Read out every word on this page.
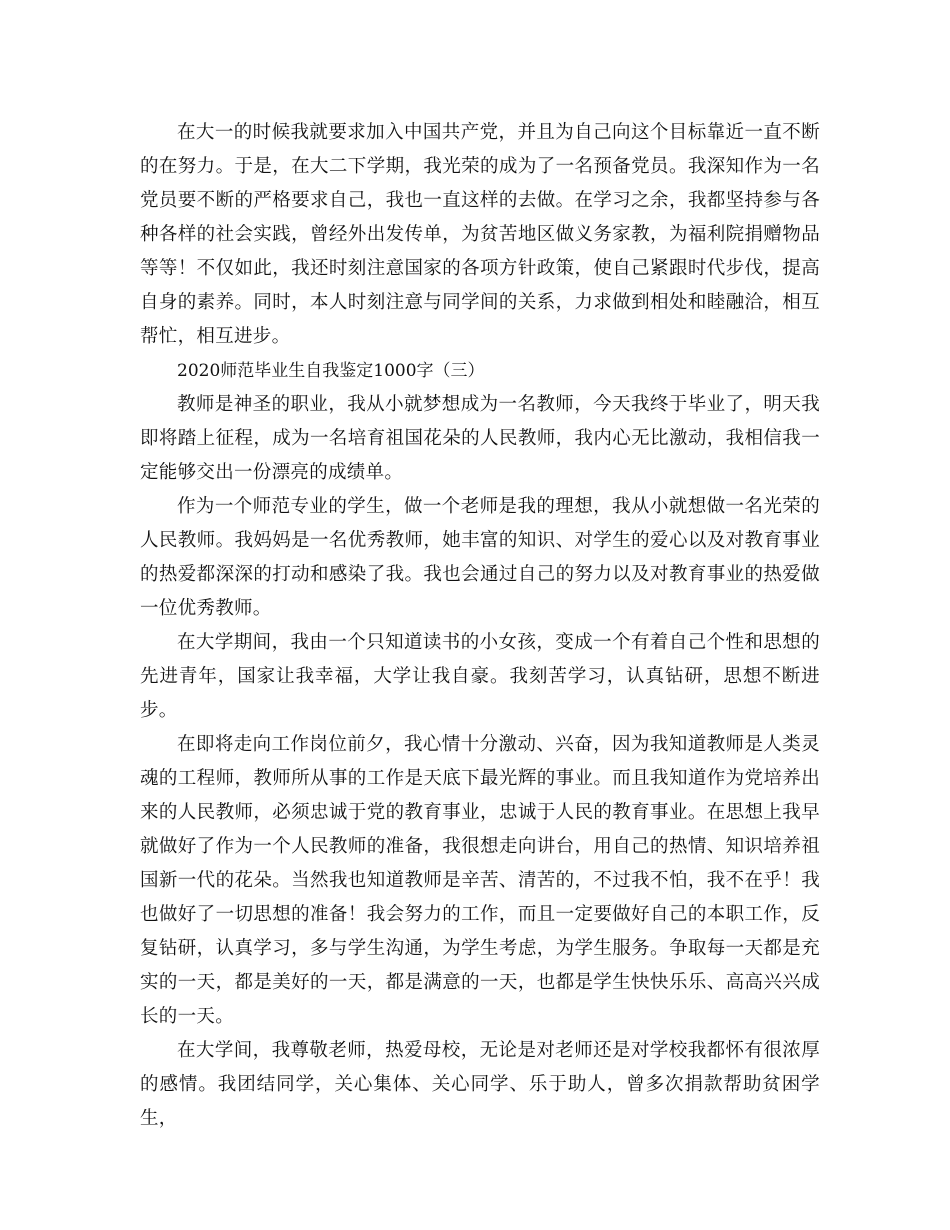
在大一的时候我就要求加入中国共产党，并且为自己向这个目标靠近一直不断的在努力。于是，在大二下学期，我光荣的成为了一名预备党员。我深知作为一名党员要不断的严格要求自己，我也一直这样的去做。在学习之余，我都坚持参与各种各样的社会实践，曾经外出发传单，为贫苦地区做义务家教，为福利院捐赠物品等等！不仅如此，我还时刻注意国家的各项方针政策，使自己紧跟时代步伐，提高自身的素养。同时，本人时刻注意与同学间的关系，力求做到相处和睦融洽，相互帮忙，相互进步。

2020师范毕业生自我鉴定1000字（三）

教师是神圣的职业，我从小就梦想成为一名教师，今天我终于毕业了，明天我即将踏上征程，成为一名培育祖国花朵的人民教师，我内心无比激动，我相信我一定能够交出一份漂亮的成绩单。

作为一个师范专业的学生，做一个老师是我的理想，我从小就想做一名光荣的人民教师。我妈妈是一名优秀教师，她丰富的知识、对学生的爱心以及对教育事业的热爱都深深的打动和感染了我。我也会通过自己的努力以及对教育事业的热爱做一位优秀教师。

在大学期间，我由一个只知道读书的小女孩，变成一个有着自己个性和思想的先进青年，国家让我幸福，大学让我自豪。我刻苦学习，认真钻研，思想不断进步。

在即将走向工作岗位前夕，我心情十分激动、兴奋，因为我知道教师是人类灵魂的工程师，教师所从事的工作是天底下最光辉的事业。而且我知道作为党培养出来的人民教师，必须忠诚于党的教育事业，忠诚于人民的教育事业。在思想上我早就做好了作为一个人民教师的准备，我很想走向讲台，用自己的热情、知识培养祖国新一代的花朵。当然我也知道教师是辛苦、清苦的，不过我不怕，我不在乎！我也做好了一切思想的准备！我会努力的工作，而且一定要做好自己的本职工作，反复钻研，认真学习，多与学生沟通，为学生考虑，为学生服务。争取每一天都是充实的一天，都是美好的一天，都是满意的一天，也都是学生快快乐乐、高高兴兴成长的一天。

在大学间，我尊敬老师，热爱母校，无论是对老师还是对学校我都怀有很浓厚的感情。我团结同学，关心集体、关心同学、乐于助人，曾多次捐款帮助贫困学生，
